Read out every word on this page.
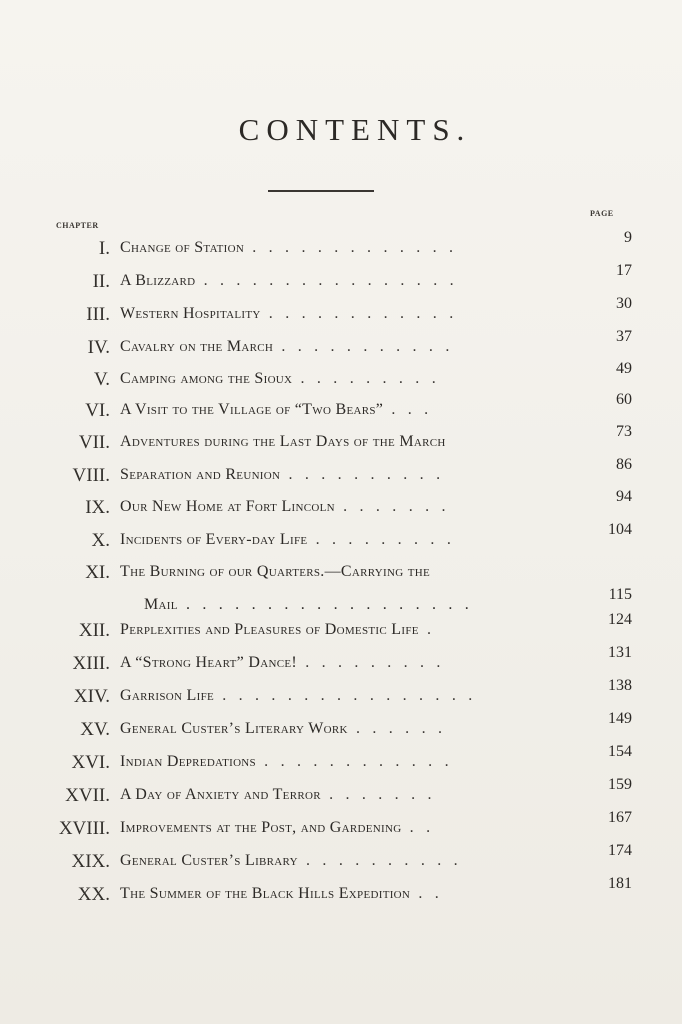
CONTENTS.
CHAPTER
PAGE
I. Change of Station . . . . . . . . . . . . .
9
II. A Blizzard . . . . . . . . . . . . . . . .
17
III. Western Hospitality . . . . . . . . . . . .
30
IV. Cavalry on the March . . . . . . . . . . .
37
V. Camping among the Sioux . . . . . . . . .
49
VI. A Visit to the Village of “Two Bears” . . .
60
VII. Adventures during the Last Days of the March
73
VIII. Separation and Reunion . . . . . . . . . .
86
IX. Our New Home at Fort Lincoln . . . . . . .
94
X. Incidents of Every-day Life . . . . . . . . .
104
XI. The Burning of our Quarters.—Carrying the
Mail . . . . . . . . . . . . . . . . . .
115
XII. Perplexities and Pleasures of Domestic Life .
124
XIII. A “Strong Heart” Dance! . . . . . . . . .
131
XIV. Garrison Life . . . . . . . . . . . . . . . .
138
XV. General Custer’s Literary Work . . . . . .
149
XVI. Indian Depredations . . . . . . . . . . . .
154
XVII. A Day of Anxiety and Terror . . . . . . .
159
XVIII. Improvements at the Post, and Gardening . .
167
XIX. General Custer’s Library . . . . . . . . . .
174
XX. The Summer of the Black Hills Expedition . .
181
